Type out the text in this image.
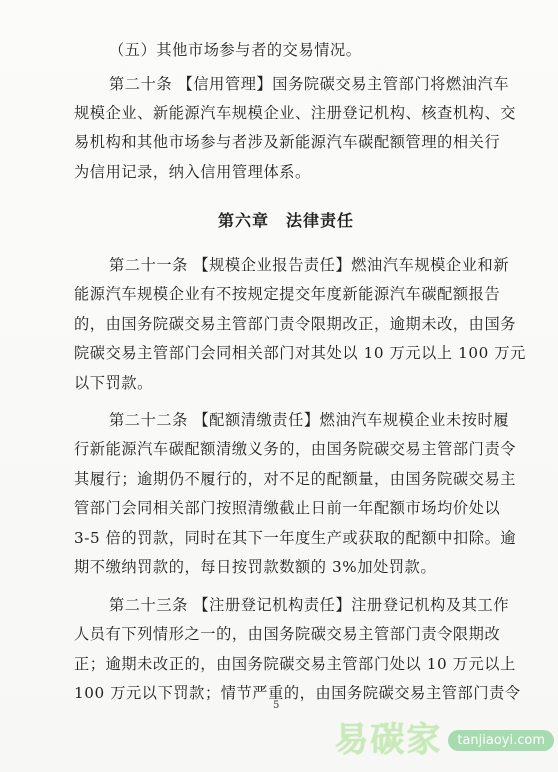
（五）其他市场参与者的交易情况。
第二十条 【信用管理】国务院碳交易主管部门将燃油汽车
规模企业、新能源汽车规模企业、注册登记机构、核查机构、交
易机构和其他市场参与者涉及新能源汽车碳配额管理的相关行
为信用记录，纳入信用管理体系。
第六章　法律责任
第二十一条 【规模企业报告责任】燃油汽车规模企业和新
能源汽车规模企业有不按规定提交年度新能源汽车碳配额报告
的，由国务院碳交易主管部门责令限期改正，逾期未改，由国务
院碳交易主管部门会同相关部门对其处以 10 万元以上 100 万元
以下罚款。
第二十二条 【配额清缴责任】燃油汽车规模企业未按时履
行新能源汽车碳配额清缴义务的，由国务院碳交易主管部门责令
其履行；逾期仍不履行的，对不足的配额量，由国务院碳交易主
管部门会同相关部门按照清缴截止日前一年配额市场均价处以
3-5 倍的罚款，同时在其下一年度生产或获取的配额中扣除。逾
期不缴纳罚款的，每日按罚款数额的 3%加处罚款。
第二十三条 【注册登记机构责任】注册登记机构及其工作
人员有下列情形之一的，由国务院碳交易主管部门责令限期改
正；逾期未改正的，由国务院碳交易主管部门处以 10 万元以上
100 万元以下罚款；情节严重的，由国务院碳交易主管部门责令
5
易碳家	tanjiaoyi.com
